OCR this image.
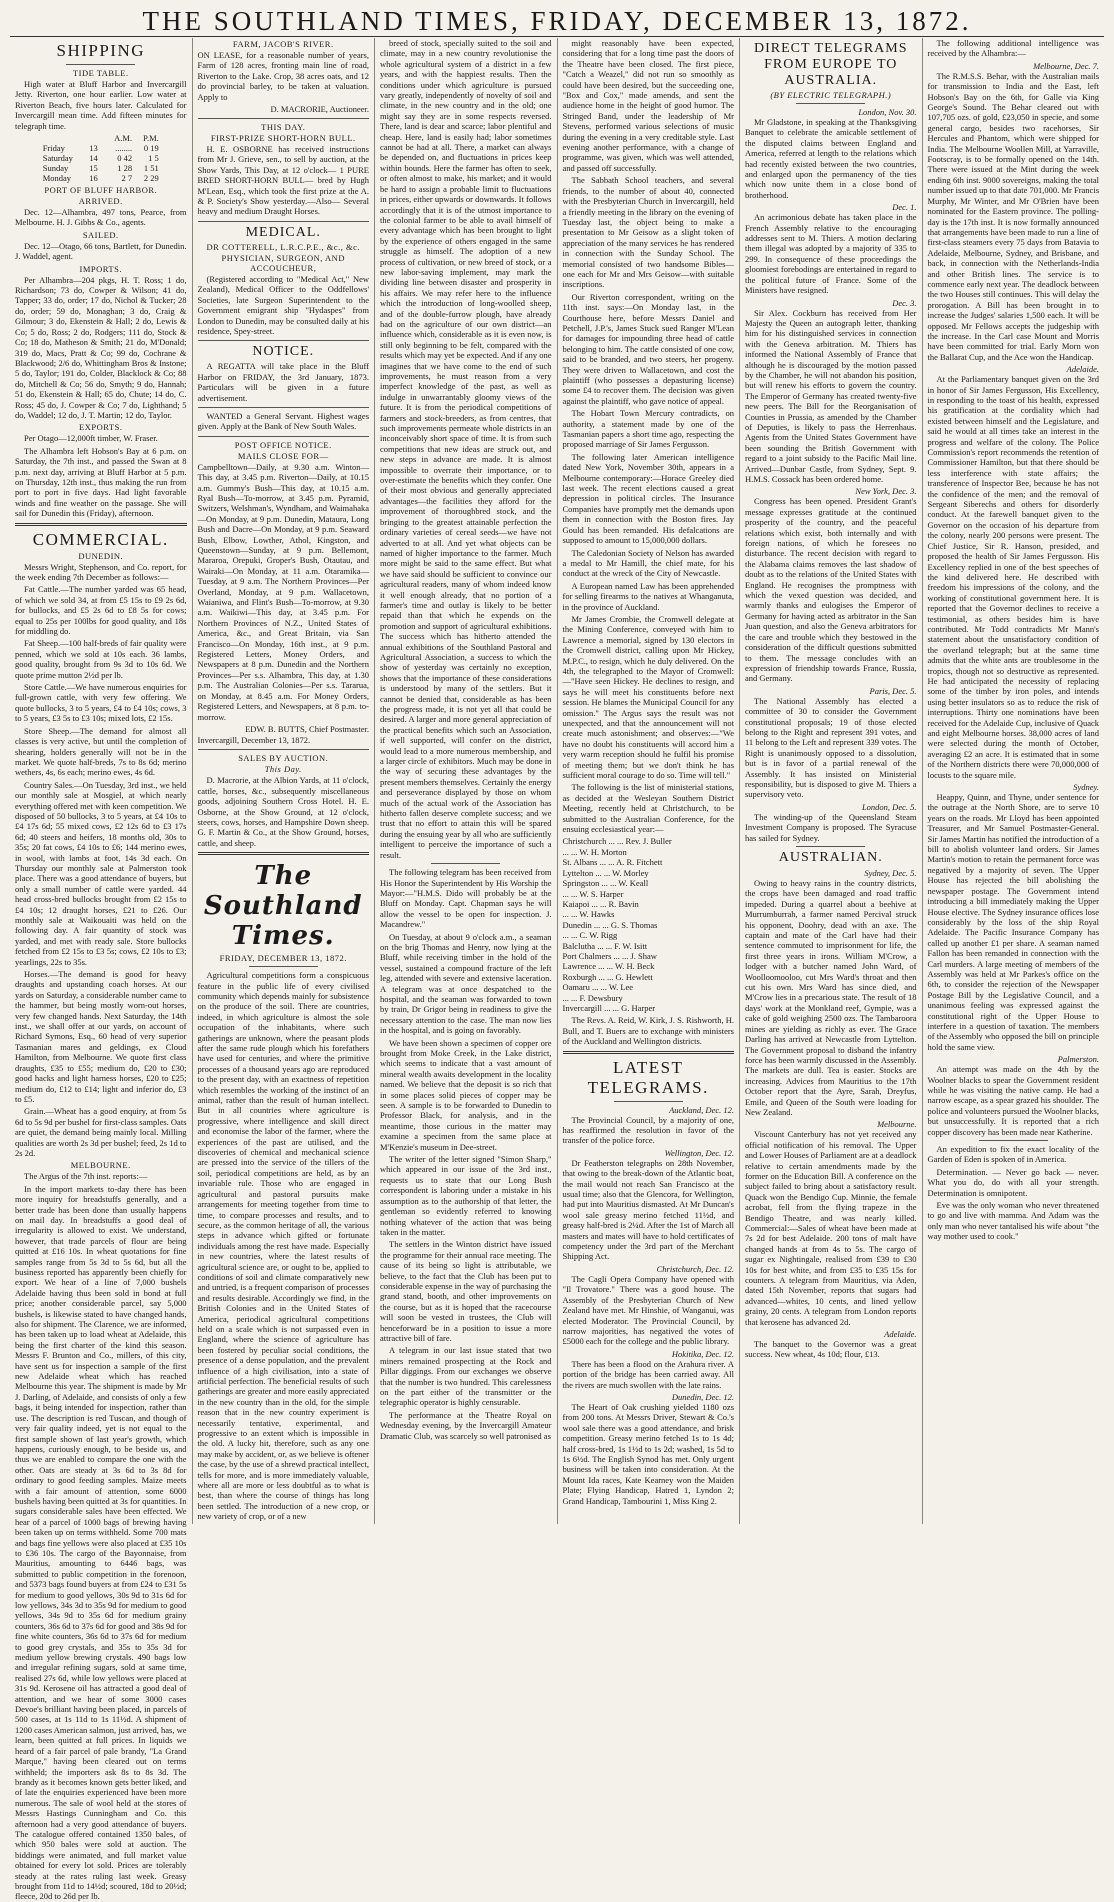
THE SOUTHLAND TIMES, FRIDAY, DECEMBER 13, 1872.
SHIPPING
TIDE TABLE.

High water at Bluff Harbor and Invercargill Jetty. Riverton, one hour earlier. Low water at Riverton Beach, five hours later. Calculated for Invercargill mean time. Add fifteen minutes for telegraph time.

		A.M.	P.M.
Friday	13	........	0 19
Saturday	14	0 42	1 5
Sunday	15	1 28	1 51
Monday	16	2 7	2 29
PORT OF BLUFF HARBOR.
ARRIVED.

Dec. 12—Alhambra, 497 tons, Pearce, from Melbourne. H. J. Gibbs & Co., agents.

SAILED.

Dec. 12—Otago, 66 tons, Bartlett, for Dunedin. J. Waddel, agent.

IMPORTS.

Per Alhambra—204 pkgs, H. T. Ross; 1 do, Richardson; 73 do, Cowper & Wilson; 41 do, Tapper; 33 do, order; 17 do, Nichol & Tucker; 28 do, order; 59 do, Monaghan; 3 do, Craig & Gilmour; 3 do, Ekenstein & Hall; 2 do, Lewis & Co; 5 do, Ross; 2 do, Rodgers; 111 do, Stock & Co; 18 do, Matheson & Smith; 21 do, M'Donald; 319 do, Macs, Pratt & Co; 99 do, Cochrane & Blackwood; 2/6 do, Whittingham Bros & Instone; 5 do, Taylor; 191 do, Colder, Blacklock & Co; 88 do, Mitchell & Co; 56 do, Smyth; 9 do, Hannah; 51 do, Ekenstein & Hall; 65 do, Chute; 14 do, C. Ross; 45 do, J. Cowper & Co; 7 do, Lighthand; 5 do, Waddel; 12 do, J. T. Martin; 12 do, Taylor.

EXPORTS.

Per Otago—12,000ft timber, W. Fraser.

The Alhambra left Hobson's Bay at 6 p.m. on Saturday, the 7th inst., and passed the Swan at 8 p.m. next day, arriving at Bluff Harbor at 5 p.m. on Thursday, 12th inst., thus making the run from port to port in five days. Had light favorable winds and fine weather on the passage. She will sail for Dunedin this (Friday), afternoon.

COMMERCIAL.
DUNEDIN.

Messrs Wright, Stephenson, and Co. report, for the week ending 7th December as follows:—

Fat Cattle.—The number yarded was 65 head, of which we sold 34, at from £5 15s to £9 2s 6d, for bullocks, and £5 2s 6d to £8 5s for cows; equal to 25s per 100lbs for good quality, and 18s for middling do.

Fat Sheep.—100 half-breds of fair quality were penned, which we sold at 10s each. 36 lambs, good quality, brought from 9s 3d to 10s 6d. We quote prime mutton 2½d per lb.

Store Cattle.—We have numerous enquiries for full-grown cattle, with very few offering. We quote bullocks, 3 to 5 years, £4 to £4 10s; cows, 3 to 5 years, £3 5s to £3 10s; mixed lots, £2 15s.

Store Sheep.—The demand for almost all classes is very active, but until the completion of shearing, holders generally will not be in the market. We quote half-breds, 7s to 8s 6d; merino wethers, 4s, 6s each; merino ewes, 4s 6d.

Country Sales.—On Tuesday, 3rd inst., we held our monthly sale at Mosgiel, at which nearly everything offered met with keen competition. We disposed of 50 bullocks, 3 to 5 years, at £4 10s to £4 17s 6d; 55 mixed cows, £2 12s 6d to £3 17s 6d; 40 steers and heifers, 18 months old, 30s to 35s; 20 fat cows, £4 10s to £6; 144 merino ewes, in wool, with lambs at foot, 14s 3d each. On Thursday our monthly sale at Palmerston took place. There was a good attendance of buyers, but only a small number of cattle were yarded. 44 head cross-bred bullocks brought from £2 15s to £4 10s; 12 draught horses, £21 to £26. Our monthly sale at Waikouaiti was held on the following day. A fair quantity of stock was yarded, and met with ready sale. Store bullocks fetched from £2 15s to £3 5s; cows, £2 10s to £3; yearlings, 22s to 35s.

Horses.—The demand is good for heavy draughts and upstanding coach horses. At our yards on Saturday, a considerable number came to the hammer, but being mostly worn-out horses, very few changed hands. Next Saturday, the 14th inst., we shall offer at our yards, on account of Richard Symons, Esq., 60 head of very superior Tasmanian mares and geldings, ex Cloud Hamilton, from Melbourne. We quote first class draughts, £35 to £55; medium do, £20 to £30; good hacks and light harness horses, £20 to £25; medium do, £12 to £14; light and inferior do, £3 to £5.

Grain.—Wheat has a good enquiry, at from 5s 6d to 5s 9d per bushel for first-class samples. Oats are quiet, the demand being mainly local. Milling qualities are worth 2s 3d per bushel; feed, 2s 1d to 2s 2d.

MELBOURNE.

The Argus of the 7th inst. reports:—

In the import markets to-day there has been more inquiry for breadstuffs generally, and a better trade has been done than usually happens on mail day. In breadstuffs a good deal of irregularity is allowed to exist. We understand, however, that trade parcels of flour are being quitted at £16 10s. In wheat quotations for fine samples range from 5s 3d to 5s 6d, but all the business reported has apparently been chiefly for export. We hear of a line of 7,000 bushels Adelaide having thus been sold in bond at full price; another considerable parcel, say 5,000 bushels, is likewise stated to have changed hands, also for shipment. The Clarence, we are informed, has been taken up to load wheat at Adelaide, this being the first charter of the kind this season. Messrs F. Brunton and Co., millers, of this city, have sent us for inspection a sample of the first new Adelaide wheat which has reached Melbourne this year. The shipment is made by Mr J. Darling, of Adelaide, and consists of only a few bags, it being intended for inspection, rather than use. The description is red Tuscan, and though of very fair quality indeed, yet is not equal to the first sample shown of last year's growth, which happens, curiously enough, to be beside us, and thus we are enabled to compare the one with the other. Oats are steady at 3s 6d to 3s 8d for ordinary to good feeding samples. Maize meets with a fair amount of attention, some 6000 bushels having been quitted at 3s for quantities. In sugars considerable sales have been effected. We hear of a parcel of 1000 bags of brewing having been taken up on terms withheld. Some 700 mats and bags fine yellows were also placed at £35 10s to £36 10s. The cargo of the Bayonnaise, from Mauritius, amounting to 6446 bags, was submitted to public competition in the forenoon, and 5373 bags found buyers at from £24 to £31 5s for medium to good yellows, 30s 9d to 31s 6d for low yellows, 34s 3d to 35s 9d for medium to good yellows, 34s 9d to 35s 6d for medium grainy counters, 36s 6d to 37s 6d for good and 38s 9d for fine white counters, 36s 6d to 37s 6d for medium to good grey crystals, and 35s to 35s 3d for medium yellow brewing crystals. 490 bags low and irregular refining sugars, sold at same time, realised 27s 6d, while low yellows were placed at 31s 9d. Kerosene oil has attracted a good deal of attention, and we hear of some 3000 cases Devoe's brilliant having been placed, in parcels of 500 cases, at 1s 11d to 1s 11½d. A shipment of 1200 cases American salmon, just arrived, has, we learn, been quitted at full prices. In liquids we heard of a fair parcel of pale brandy, "La Grand Marque," having been cleared out on terms withheld; the importers ask 8s to 8s 3d. The brandy as it becomes known gets better liked, and of late the enquiries experienced have been more numerous. The sale of wool held at the stores of Messrs Hastings Cunningham and Co. this afternoon had a very good attendance of buyers. The catalogue offered contained 1350 bales, of which 950 bales were sold at auction. The biddings were animated, and full market value obtained for every lot sold. Prices are tolerably steady at the rates ruling last week. Greasy brought from 11d to 14½d; scoured, 18d to 20½d; fleece, 20d to 26d per lb.

FARM, JACOB'S RIVER.

ON LEASE, for a reasonable number of years, Farm of 128 acres, fronting main line of road, Riverton to the Lake. Crop, 38 acres oats, and 12 do provincial barley, to be taken at valuation. Apply to

D. MACRORIE, Auctioneer.
THIS DAY.
FIRST-PRIZE SHORT-HORN BULL.

H. E. OSBORNE has received instructions from Mr J. Grieve, sen., to sell by auction, at the Show Yards, This Day, at 12 o'clock— 1 PURE BRED SHORT-HORN BULL— bred by Hugh M'Lean, Esq., which took the first prize at the A. & P. Society's Show yesterday.—Also— Several heavy and medium Draught Horses.

MEDICAL.
DR COTTERELL, L.R.C.P.E., &c., &c.
PHYSICIAN, SURGEON, AND ACCOUCHEUR,

(Registered according to "Medical Act," New Zealand), Medical Officer to the Oddfellows' Societies, late Surgeon Superintendent to the Government emigrant ship "Hydaspes" from London to Dunedin, may be consulted daily at his residence, Spey-street.

NOTICE.

A REGATTA will take place in the Bluff Harbor on FRIDAY, the 3rd January, 1873. Particulars will be given in a future advertisement.

WANTED a General Servant. Highest wages given. Apply at the Bank of New South Wales.

POST OFFICE NOTICE.
MAILS CLOSE FOR—

Campbelltown—Daily, at 9.30 a.m. Winton—This day, at 3.45 p.m. Riverton—Daily, at 10.15 a.m. Gummy's Bush—This day, at 10.15 a.m. Ryal Bush—To-morrow, at 3.45 p.m. Pyramid, Switzers, Welshman's, Wyndham, and Waimahaka—On Monday, at 9 p.m. Dunedin, Mataura, Long Bush and Dacre—On Monday, at 9 p.m. Seaward Bush, Elbow, Lowther, Athol, Kingston, and Queenstown—Sunday, at 9 p.m. Bellemont, Mararoa, Orepuki, Groper's Bush, Otautau, and Wairaki—On Monday, at 11 a.m. Otaramika—Tuesday, at 9 a.m. The Northern Provinces—Per Overland, Monday, at 9 p.m. Wallacetown, Waianiwa, and Flint's Bush—To-morrow, at 9.30 a.m. Waikiwi—This day, at 3.45 p.m. For Northern Provinces of N.Z., United States of America, &c., and Great Britain, via San Francisco—On Monday, 16th inst., at 9 p.m. Registered Letters, Money Orders, and Newspapers at 8 p.m. Dunedin and the Northern Provinces—Per s.s. Alhambra, This day, at 1.30 p.m. The Australian Colonies—Per s.s. Tararua, on Monday, at 8.45 a.m. For Money Orders, Registered Letters, and Newspapers, at 8 p.m. to-morrow.

EDW. B. BUTTS, Chief Postmaster.

Invercargill, December 13, 1872.

SALES BY AUCTION.
This Day.

D. Macrorie, at the Albion Yards, at 11 o'clock, cattle, horses, &c., subsequently miscellaneous goods, adjoining Southern Cross Hotel. H. E. Osborne, at the Show Ground, at 12 o'clock, steers, cows, horses, and Hampshire Down sheep. G. F. Martin & Co., at the Show Ground, horses, cattle, and sheep.

The Southland Times.
FRIDAY, DECEMBER 13, 1872.

Agricultural competitions form a conspicuous feature in the public life of every civilised community which depends mainly for subsistence on the produce of the soil. There are countries, indeed, in which agriculture is almost the sole occupation of the inhabitants, where such gatherings are unknown, where the peasant plods after the same rude plough which his forefathers have used for centuries, and where the primitive processes of a thousand years ago are reproduced to the present day, with an exactness of repetition which resembles the working of the instinct of an animal, rather than the result of human intellect. But in all countries where agriculture is progressive, where intelligence and skill direct and economise the labor of the farmer, where the experiences of the past are utilised, and the discoveries of chemical and mechanical science are pressed into the service of the tillers of the soil, periodical competitions are held, as by an invariable rule. Those who are engaged in agricultural and pastoral pursuits make arrangements for meeting together from time to time, to compare processes and results, and to secure, as the common heritage of all, the various steps in advance which gifted or fortunate individuals among the rest have made. Especially in new countries, where the latest results of agricultural science are, or ought to be, applied to conditions of soil and climate comparatively new and untried, is a frequent comparison of processes and results desirable. Accordingly we find, in the British Colonies and in the United States of America, periodical agricultural competitions held on a scale which is not surpassed even in England, where the science of agriculture has been fostered by peculiar social conditions, the presence of a dense population, and the prevalent influence of a high civilisation, into a state of artificial perfection. The beneficial results of such gatherings are greater and more easily appreciated in the new country than in the old, for the simple reason that in the new country experiment is necessarily tentative, experimental, and progressive to an extent which is impossible in the old. A lucky hit, therefore, such as any one may make by accident, or, as we believe is oftener the case, by the use of a shrewd practical intellect, tells for more, and is more immediately valuable, where all are more or less doubtful as to what is best, than where the course of things has long been settled. The introduction of a new crop, or new variety of crop, or of a new

breed of stock, specially suited to the soil and climate, may in a new country revolutionise the whole agricultural system of a district in a few years, and with the happiest results. Then the conditions under which agriculture is pursued vary greatly, independently of novelty of soil and climate, in the new country and in the old; one might say they are in some respects reversed. There, land is dear and scarce; labor plentiful and cheap. Here, land is easily had; labor sometimes cannot be had at all. There, a market can always be depended on, and fluctuations in prices keep within bounds. Here the farmer has often to seek, or often almost to make, his market; and it would be hard to assign a probable limit to fluctuations in prices, either upwards or downwards. It follows accordingly that it is of the utmost importance to the colonial farmer to be able to avail himself of every advantage which has been brought to light by the experience of others engaged in the same struggle as himself. The adoption of a new process of cultivation, or new breed of stock, or a new labor-saving implement, may mark the dividing line between disaster and prosperity in his affairs. We may refer here to the influence which the introduction of long-woolled sheep, and of the double-furrow plough, have already had on the agriculture of our own district—an influence which, considerable as it is even now, is still only beginning to be felt, compared with the results which may yet be expected. And if any one imagines that we have come to the end of such improvements, he must reason from a very imperfect knowledge of the past, as well as indulge in unwarrantably gloomy views of the future. It is from the periodical competitions of farmers and stock-breeders, as from centres, that such improvements permeate whole districts in an inconceivably short space of time. It is from such competitions that new ideas are struck out, and new steps in advance are made. It is almost impossible to overrate their importance, or to over-estimate the benefits which they confer. One of their most obvious and generally appreciated advantages—the facilities they afford for the improvement of thoroughbred stock, and the bringing to the greatest attainable perfection the ordinary varieties of cereal seeds—we have not adverted to at all. And yet what objects can be named of higher importance to the farmer. Much more might be said to the same effect. But what we have said should be sufficient to convince our agricultural readers, many of whom indeed know it well enough already, that no portion of a farmer's time and outlay is likely to be better repaid than that which he expends on the promotion and support of agricultural exhibitions. The success which has hitherto attended the annual exhibitions of the Southland Pastoral and Agricultural Association, a success to which the show of yesterday was certainly no exception, shows that the importance of these considerations is understood by many of the settlers. But it cannot be denied that, considerable as has been the progress made, it is not yet all that could be desired. A larger and more general appreciation of the practical benefits which such an Association, if well supported, will confer on the district, would lead to a more numerous membership, and a larger circle of exhibitors. Much may be done in the way of securing these advantages by the present members themselves. Certainly the energy and perseverance displayed by those on whom much of the actual work of the Association has hitherto fallen deserve complete success; and we trust that no effort to attain this will be spared during the ensuing year by all who are sufficiently intelligent to perceive the importance of such a result.

The following telegram has been received from His Honor the Superintendent by His Worship the Mayor:—"H.M.S. Dido will probably be at the Bluff on Monday. Capt. Chapman says he will allow the vessel to be open for inspection. J. Macandrew."

On Tuesday, at about 9 o'clock a.m., a seaman on the brig Thomas and Henry, now lying at the Bluff, while receiving timber in the hold of the vessel, sustained a compound fracture of the left leg, attended with severe and extensive laceration. A telegram was at once despatched to the hospital, and the seaman was forwarded to town by train, Dr Grigor being in readiness to give the necessary attention to the case. The man now lies in the hospital, and is going on favorably.

We have been shown a specimen of copper ore brought from Moke Creek, in the Lake district, which seems to indicate that a vast amount of mineral wealth awaits development in the locality named. We believe that the deposit is so rich that in some places solid pieces of copper may be seen. A sample is to be forwarded to Dunedin to Professor Black, for analysis, and in the meantime, those curious in the matter may examine a specimen from the same place at M'Kenzie's museum in Dee-street.

The writer of the letter signed "Simon Sharp," which appeared in our issue of the 3rd inst., requests us to state that our Long Bush correspondent is laboring under a mistake in his assumption as to the authorship of that letter, the gentleman so evidently referred to knowing nothing whatever of the action that was being taken in the matter.

The settlers in the Winton district have issued the programme for their annual race meeting. The cause of its being so light is attributable, we believe, to the fact that the Club has been put to considerable expense in the way of purchasing the grand stand, booth, and other improvements on the course, but as it is hoped that the racecourse will soon be vested in trustees, the Club will henceforward be in a position to issue a more attractive bill of fare.

A telegram in our last issue stated that two miners remained prospecting at the Rock and Pillar diggings. From our exchanges we observe that the number is two hundred. This carelessness on the part either of the transmitter or the telegraphic operator is highly censurable.

The performance at the Theatre Royal on Wednesday evening, by the Invercargill Amateur Dramatic Club, was scarcely so well patronised as

might reasonably have been expected, considering that for a long time past the doors of the Theatre have been closed. The first piece, "Catch a Weazel," did not run so smoothly as could have been desired, but the succeeding one, "Box and Cox," made amends, and sent the audience home in the height of good humor. The Stringed Band, under the leadership of Mr Stevens, performed various selections of music during the evening in a very creditable style. Last evening another performance, with a change of programme, was given, which was well attended, and passed off successfully.

The Sabbath School teachers, and several friends, to the number of about 40, connected with the Presbyterian Church in Invercargill, held a friendly meeting in the library on the evening of Tuesday last, the object being to make a presentation to Mr Geisow as a slight token of appreciation of the many services he has rendered in connection with the Sunday School. The memorial consisted of two handsome Bibles—one each for Mr and Mrs Geisow—with suitable inscriptions.

Our Riverton correspondent, writing on the 11th inst. says:—On Monday last, in the Courthouse here, before Messrs Daniel and Petchell, J.P.'s, James Stuck sued Ranger M'Lean for damages for impounding three head of cattle belonging to him. The cattle consisted of one cow, said to be branded, and two steers, her progeny. They were driven to Wallacetown, and cost the plaintiff (who possesses a depasturing license) some £4 to recover them. The decision was given against the plaintiff, who gave notice of appeal.

The Hobart Town Mercury contradicts, on authority, a statement made by one of the Tasmanian papers a short time ago, respecting the proposed marriage of Sir James Fergusson.

The following later American intelligence dated New York, November 30th, appears in a Melbourne contemporary:—Horace Greeley died last week. The recent elections caused a great depression in political circles. The Insurance Companies have promptly met the demands upon them in connection with the Boston fires. Jay Gould has been remanded. His defalcations are supposed to amount to 15,000,000 dollars.

The Caledonian Society of Nelson has awarded a medal to Mr Hamill, the chief mate, for his conduct at the wreck of the City of Newcastle.

A European named Law has been apprehended for selling firearms to the natives at Whanganuta, in the province of Auckland.

Mr James Crombie, the Cromwell delegate at the Mining Conference, conveyed with him to Lawrence a memorial, signed by 130 electors in the Cromwell district, calling upon Mr Hickey, M.P.C., to resign, which he duly delivered. On the 4th, the telegraphed to the Mayor of Cromwell:—"Have seen Hickey. He declines to resign, and says he will meet his constituents before next session. He blames the Municipal Council for any omission." The Argus says the result was not unexpected, and that the announcement will not create much astonishment; and observes:—"We have no doubt his constituents will accord him a very warm reception should he fulfil his promise of meeting them; but we don't think he has sufficient moral courage to do so. Time will tell."

The following is the list of ministerial stations, as decided at the Wesleyan Southern District Meeting, recently held at Christchurch, to be submitted to the Australian Conference, for the ensuing ecclesiastical year:—

Christchurch ... ... Rev. J. Buller
... ... W. H. Morton
St. Albans ... ... A. R. Fitchett
Lyttelton ... ... W. Morley
Springston ... ... W. Keall
... ... W. S. Harper
Kaiapoi ... ... R. Bavin
... ... W. Hawks
Dunedin ... ... G. S. Thomas
... ... C. W. Rigg
Balclutha ... ... F. W. Isitt
Port Chalmers ... ... J. Shaw
Lawrence ... ... W. H. Beck
Roxburgh ... ... G. Hewlett
Oamaru ... ... W. Lee
... ... F. Dewsbury
Invercargill ... ... G. Harper

The Revs. A. Reid, W. Kirk, J. S. Rishworth, H. Bull, and T. Buers are to exchange with ministers of the Auckland and Wellington districts.

LATEST TELEGRAMS.
Auckland, Dec. 12.

The Provincial Council, by a majority of one, has reaffirmed the resolution in favor of the transfer of the police force.

Wellington, Dec. 12.

Dr Featherston telegraphs on 28th November, that owing to the break-down of the Atlantic boat, the mail would not reach San Francisco at the usual time; also that the Glencora, for Wellington, had put into Mauritius dismasted. At Mr Duncan's wool sale greasy merino fetched 11½d, and greasy half-bred is 2¼d. After the 1st of March all masters and mates will have to hold certificates of competency under the 3rd part of the Merchant Shipping Act.

Christchurch, Dec. 12.

The Cagli Opera Company have opened with "Il Trovatore." There was a good house. The Assembly of the Presbyterian Church of New Zealand have met. Mr Hinshie, of Wanganui, was elected Moderator. The Provincial Council, by narrow majorities, has negatived the votes of £5000 each for the college and the public library.

Hokitika, Dec. 12.

There has been a flood on the Arahura river. A portion of the bridge has been carried away. All the rivers are much swollen with the late rains.

Dunedin, Dec. 12.

The Heart of Oak crushing yielded 1180 ozs from 200 tons. At Messrs Driver, Stewart & Co.'s wool sale there was a good attendance, and brisk competition. Greasy merino fetched 1s to 1s 4d; half cross-bred, 1s 1½d to 1s 2d; washed, 1s 5d to 1s 6½d. The English Synod has met. Only urgent business will be taken into consideration. At the Mount Ida races, Kate Kearney won the Maiden Plate; Flying Handicap, Hatred 1, Lyndon 2; Grand Handicap, Tambourini 1, Miss King 2.

DIRECT TELEGRAMS FROM EUROPE TO AUSTRALIA.
(BY ELECTRIC TELEGRAPH.)
London, Nov. 30.

Mr Gladstone, in speaking at the Thanksgiving Banquet to celebrate the amicable settlement of the disputed claims between England and America, referred at length to the relations which had recently existed between the two countries, and enlarged upon the permanency of the ties which now unite them in a close bond of brotherhood.

Dec. 1.

An acrimonious debate has taken place in the French Assembly relative to the encouraging addresses sent to M. Thiers. A motion declaring them illegal was adopted by a majority of 335 to 299. In consequence of these proceedings the gloomiest forebodings are entertained in regard to the political future of France. Some of the Ministers have resigned.

Dec. 3.

Sir Alex. Cockburn has received from Her Majesty the Queen an autograph letter, thanking him for his distinguished services in connection with the Geneva arbitration. M. Thiers has informed the National Assembly of France that although he is discouraged by the motion passed by the Chamber, he will not abandon his position, but will renew his efforts to govern the country. The Emperor of Germany has created twenty-five new peers. The Bill for the Reorganisation of Counties in Prussia, as amended by the Chamber of Deputies, is likely to pass the Herrenhaus. Agents from the United States Government have been sounding the British Government with regard to a joint subsidy to the Pacific Mail line. Arrived—Dunbar Castle, from Sydney, Sept. 9. H.M.S. Cossack has been ordered home.

New York, Dec. 3.

Congress has been opened. President Grant's message expresses gratitude at the continued prosperity of the country, and the peaceful relations which exist, both internally and with foreign nations, of which he foresees no disturbance. The recent decision with regard to the Alabama claims removes the last shadow of doubt as to the relations of the United States with England. He recognises the promptness with which the vexed question was decided, and warmly thanks and eulogises the Emperor of Germany for having acted as arbitrator in the San Juan question, and also the Geneva arbitrators for the care and trouble which they bestowed in the consideration of the difficult questions submitted to them. The message concludes with an expression of friendship towards France, Russia, and Germany.

Paris, Dec. 5.

The National Assembly has elected a committee of 30 to consider the Government constitutional proposals; 19 of those elected belong to the Right and represent 391 votes, and 11 belong to the Left and represent 339 votes. The Right is unanimously opposed to a dissolution, but is in favor of a partial renewal of the Assembly. It has insisted on Ministerial responsibility, but is disposed to give M. Thiers a supervisory veto.

London, Dec. 5.

The winding-up of the Queensland Steam Investment Company is proposed. The Syracuse has sailed for Sydney.

AUSTRALIAN.
Sydney, Dec. 5.

Owing to heavy rains in the country districts, the crops have been damaged and road traffic impeded. During a quarrel about a beehive at Murrumburrah, a farmer named Percival struck his opponent, Doohry, dead with an axe. The captain and mate of the Carl have had their sentence commuted to imprisonment for life, the first three years in irons. William M'Crow, a lodger with a butcher named John Ward, of Woolloomooloo, cut Mrs Ward's throat and then cut his own. Mrs Ward has since died, and M'Crow lies in a precarious state. The result of 18 days' work at the Monkland reef, Gympie, was a cake of gold weighing 2500 ozs. The Tambaroora mines are yielding as richly as ever. The Grace Darling has arrived at Newcastle from Lyttelton. The Government proposal to disband the infantry force has been warmly discussed in the Assembly. The markets are dull. Tea is easier. Stocks are increasing. Advices from Mauritius to the 17th October report that the Ayre, Sarah, Dreyfus, Emile, and Queen of the South were loading for New Zealand.

Melbourne.

Viscount Canterbury has not yet received any official notification of his removal. The Upper and Lower Houses of Parliament are at a deadlock relative to certain amendments made by the former on the Education Bill. A conference on the subject failed to bring about a satisfactory result. Quack won the Bendigo Cup. Minnie, the female acrobat, fell from the flying trapeze in the Bendigo Theatre, and was nearly killed. Commercial:—Sales of wheat have been made at 7s 2d for best Adelaide. 200 tons of malt have changed hands at from 4s to 5s. The cargo of sugar ex Nightingale, realised from £39 to £30 10s for best white, and from £35 to £35 15s for counters. A telegram from Mauritius, via Aden, dated 15th November, reports that sugars had advanced—whites, 10 cents, and lined yellow grainy, 20 cents. A telegram from London reports that kerosene has advanced 2d.

Adelaide.

The banquet to the Governor was a great success. New wheat, 4s 10d; flour, £13.

The following additional intelligence was received by the Alhambra:—

Melbourne, Dec. 7.

The R.M.S.S. Behar, with the Australian mails for transmission to India and the East, left Hobson's Bay on the 6th, for Galle via King George's Sound. The Behar cleared out with 107,705 ozs. of gold, £23,050 in specie, and some general cargo, besides two racehorses, Sir Hercules and Phantom, which were shipped for India. The Melbourne Woollen Mill, at Yarraville, Footscray, is to be formally opened on the 14th. There were issued at the Mint during the week ending 6th inst. 9000 sovereigns, making the total number issued up to that date 701,000. Mr Francis Murphy, Mr Winter, and Mr O'Brien have been nominated for the Eastern province. The polling-day is the 17th inst. It is now formally announced that arrangements have been made to run a line of first-class steamers every 75 days from Batavia to Adelaide, Melbourne, Sydney, and Brisbane, and back, in connection with the Netherlands-India and other British lines. The service is to commence early next year. The deadlock between the two Houses still continues. This will delay the prorogation. A Bill has been brought in to increase the Judges' salaries 1,500 each. It will be opposed. Mr Fellows accepts the judgeship with the increase. In the Carl case Mount and Morris have been committed for trial. Early Morn won the Ballarat Cup, and the Ace won the Handicap.

Adelaide.

At the Parliamentary banquet given on the 3rd in honor of Sir James Fergusson, His Excellency, in responding to the toast of his health, expressed his gratification at the cordiality which had existed between himself and the Legislature, and said he would at all times take an interest in the progress and welfare of the colony. The Police Commission's report recommends the retention of Commissioner Hamilton, but that there should be less interference with state affairs; the transference of Inspector Bee, because he has not the confidence of the men; and the removal of Sergeant Siberechs and others for disorderly conduct. At the farewell banquet given to the Governor on the occasion of his departure from the colony, nearly 200 persons were present. The Chief Justice, Sir R. Hanson, presided, and proposed the health of Sir James Fergusson. His Excellency replied in one of the best speeches of the kind delivered here. He described with freedom his impressions of the colony, and the working of constitutional government here. It is reported that the Governor declines to receive a testimonial, as others besides him is have contributed. Mr Todd contradicts Mr Mann's statement about the unsatisfactory condition of the overland telegraph; but at the same time admits that the white ants are troublesome in the tropics, though not so destructive as represented. He had anticipated the necessity of replacing some of the timber by iron poles, and intends using better insulators so as to reduce the risk of interruptions. Thirty one nominations have been received for the Adelaide Cup, inclusive of Quack and eight Melbourne horses. 38,000 acres of land were selected during the month of October, averaging £2 an acre. It is estimated that in some of the Northern districts there were 70,000,000 of locusts to the square mile.

Sydney.

Heappy, Quinn, and Thyne, under sentence for the outrage at the North Shore, are to serve 10 years on the roads. Mr Lloyd has been appointed Treasurer, and Mr Samuel Postmaster-General. Sir James Martin has notified the introduction of a bill to abolish volunteer land orders. Sir James Martin's motion to retain the permanent force was negatived by a majority of seven. The Upper House has rejected the bill abolishing the newspaper postage. The Government intend introducing a bill immediately making the Upper House elective. The Sydney insurance offices lose considerably by the loss of the ship Royal Adelaide. The Pacific Insurance Company has called up another £1 per share. A seaman named Fallon has been remanded in connection with the Carl murders. A large meeting of members of the Assembly was held at Mr Parkes's office on the 6th, to consider the rejection of the Newspaper Postage Bill by the Legislative Council, and a unanimous feeling was expressed against the constitutional right of the Upper House to interfere in a question of taxation. The members of the Assembly who opposed the bill on principle hold the same view.

Palmerston.

An attempt was made on the 4th by the Woolner blacks to spear the Government resident while he was visiting the native camp. He had a narrow escape, as a spear grazed his shoulder. The police and volunteers pursued the Woolner blacks, but unsuccessfully. It is reported that a rich copper discovery has been made near Katherine.

An expedition to fix the exact locality of the Garden of Eden is spoken of in America.

Determination. — Never go back — never. What you do, do with all your strength. Determination is omnipotent.

Eve was the only woman who never threatened to go and live with mamma. And Adam was the only man who never tantalised his wife about "the way mother used to cook."
